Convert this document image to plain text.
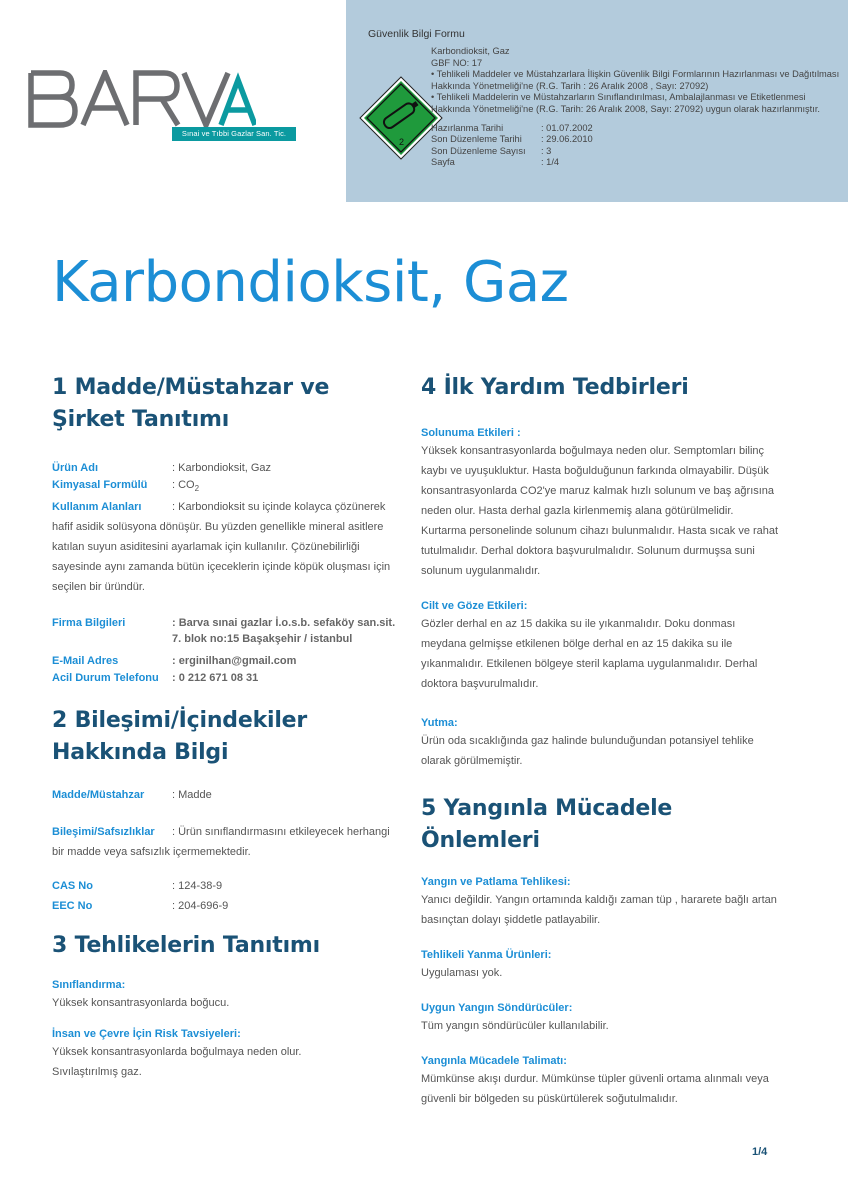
Sınai ve Tıbbi Gazlar San. Tic.
Güvenlik Bilgi Formu
2
Karbondioksit, Gaz
GBF NO: 17
• Tehlikeli Maddeler ve Müstahzarlara İlişkin Güvenlik Bilgi Formlarının Hazırlanması ve Dağıtılması Hakkında Yönetmeliği'ne (R.G. Tarih : 26 Aralık 2008 , Sayı: 27092)
• Tehlikeli Maddelerin ve Müstahzarların Sınıflandırılması, Ambalajlanması ve Etiketlenmesi Hakkında Yönetmeliği'ne (R.G. Tarih: 26 Aralık 2008, Sayı: 27092) uygun olarak hazırlanmıştır.
Hazırlanma Tarihi	: 01.07.2002
Son Düzenleme Tarihi	: 29.06.2010
Son Düzenleme Sayısı	: 3
Sayfa	: 1/4
Karbondioksit, Gaz
1 Madde/Müstahzar ve Şirket Tanıtımı
Ürün Adı	: Karbondioksit, Gaz
Kimyasal Formülü	: $CO_2$

Kullanım Alanları	: Karbondioksit su içinde kolayca çözünerek hafif asidik solüsyona dönüşür. Bu yüzden genellikle mineral asitlere katılan suyun asiditesini ayarlamak için kullanılır. Çözünebilirliği sayesinde aynı zamanda bütün içeceklerin içinde köpük oluşması için seçilen bir üründür.

Firma Bilgileri	: Barva sınai gazlar İ.o.s.b. sefaköy san.sit. 7. blok no:15 Başakşehir / istanbul
E-Mail Adres	: erginilhan@gmail.com
Acil Durum Telefonu	: 0 212 671 08 31
2 Bileşimi/İçindekiler Hakkında Bilgi
Madde/Müstahzar	: Madde

Bileşimi/Safsızlıklar : Ürün sınıflandırmasını etkileyecek herhangi bir madde veya safsızlık içermemektedir.

CAS No	: 124-38-9
EEC No	: 204-696-9
3 Tehlikelerin Tanıtımı
Sınıflandırma:

Yüksek konsantrasyonlarda boğucu.

İnsan ve Çevre İçin Risk Tavsiyeleri:

Yüksek konsantrasyonlarda boğulmaya neden olur.

Sıvılaştırılmış gaz.

4 İlk Yardım Tedbirleri
Solunuma Etkileri :

Yüksek konsantrasyonlarda boğulmaya neden olur. Semptomları bilinç kaybı ve uyuşukluktur. Hasta boğulduğunun farkında olmayabilir. Düşük konsantrasyonlarda CO2'ye maruz kalmak hızlı solunum ve baş ağrısına neden olur. Hasta derhal gazla kirlenmemiş alana götürülmelidir. Kurtarma personelinde solunum cihazı bulunmalıdır. Hasta sıcak ve rahat tutulmalıdır. Derhal doktora başvurulmalıdır. Solunum durmuşsa suni solunum uygulanmalıdır.

Cilt ve Göze Etkileri:

Gözler derhal en az 15 dakika su ile yıkanmalıdır. Doku donması meydana gelmişse etkilenen bölge derhal en az 15 dakika su ile yıkanmalıdır. Etkilenen bölgeye steril kaplama uygulanmalıdır. Derhal doktora başvurulmalıdır.

Yutma:

Ürün oda sıcaklığında gaz halinde bulunduğundan potansiyel tehlike olarak görülmemiştir.

5 Yangınla Mücadele Önlemleri
Yangın ve Patlama Tehlikesi:

Yanıcı değildir. Yangın ortamında kaldığı zaman tüp , hararete bağlı artan basınçtan dolayı şiddetle patlayabilir.

Tehlikeli Yanma Ürünleri:

Uygulaması yok.

Uygun Yangın Söndürücüler:

Tüm yangın söndürücüler kullanılabilir.

Yangınla Mücadele Talimatı:

Mümkünse akışı durdur. Mümkünse tüpler güvenli ortama alınmalı veya güvenli bir bölgeden su püskürtülerek soğutulmalıdır.

1/4
